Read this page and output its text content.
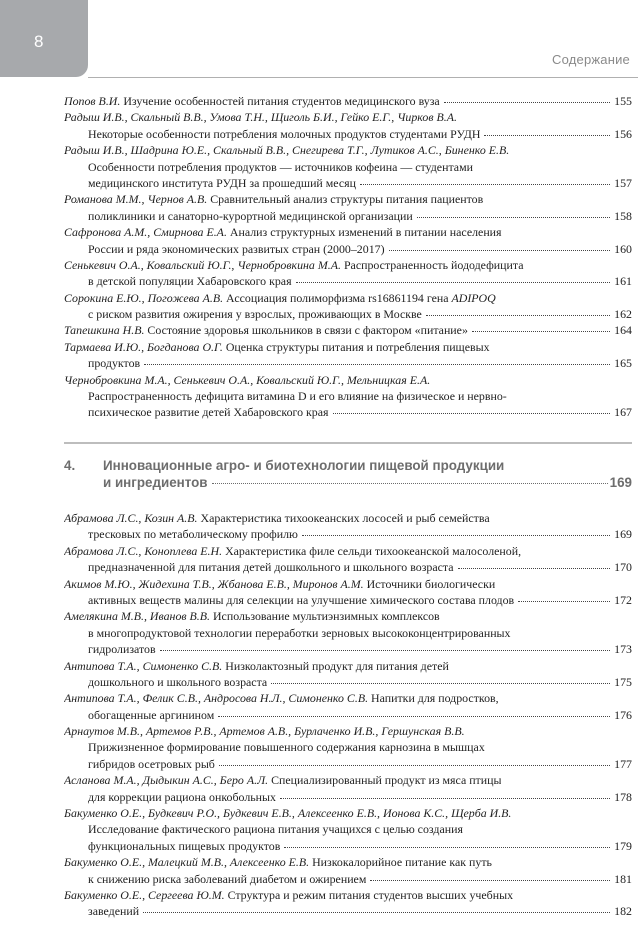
8
Содержание
Попов В.И. Изучение особенностей питания студентов медицинского вуза	155
Радыш И.В., Скальный В.В., Умова Т.Н., Щиголь Б.И., Гейко Е.Г., Чирков В.А.
Некоторые особенности потребления молочных продуктов студентами РУДН	156
Радыш И.В., Шадрина Ю.Е., Скальный В.В., Снегирева Т.Г., Лутиков А.С., Биненко Е.В.
Особенности потребления продуктов — источников кофеина — студентами
медицинского института РУДН за прошедший месяц	157
Романова М.М., Чернов А.В. Сравнительный анализ структуры питания пациентов
поликлиники и санаторно-курортной медицинской организации	158
Сафронова А.М., Смирнова Е.А. Анализ структурных изменений в питании населения
России и ряда экономических развитых стран (2000–2017)	160
Сенькевич О.А., Ковальский Ю.Г., Чернобровкина М.А. Распространенность йододефицита
в детской популяции Хабаровского края	161
Сорокина Е.Ю., Погожева А.В. Ассоциация полиморфизма rs16861194 гена ADIPOQ
с риском развития ожирения у взрослых, проживающих в Москве	162
Тапешкина Н.В. Состояние здоровья школьников в связи с фактором «питание»	164
Тармаева И.Ю., Богданова О.Г. Оценка структуры питания и потребления пищевых
продуктов	165
Чернобровкина М.А., Сенькевич О.А., Ковальский Ю.Г., Мельницкая Е.А.
Распространенность дефицита витамина D и его влияние на физическое и нервно-
психическое развитие детей Хабаровского края	167
4.	Инновационные агро- и биотехнологии пищевой продукции
и ингредиентов	169
Абрамова Л.С., Козин А.В. Характеристика тихоокеанских лососей и рыб семейства
тресковых по метаболическому профилю	169
Абрамова Л.С., Коноплева Е.Н. Характеристика филе сельди тихоокеанской малосоленой,
предназначенной для питания детей дошкольного и школьного возраста	170
Акимов М.Ю., Жидехина Т.В., Жбанова Е.В., Миронов А.М. Источники биологически
активных веществ малины для селекции на улучшение химического состава плодов	172
Амелякина М.В., Иванов В.В. Использование мультиэнзимных комплексов
в многопродуктовой технологии переработки зерновых высококонцентрированных
гидролизатов	173
Антипова Т.А., Симоненко С.В. Низколактозный продукт для питания детей
дошкольного и школьного возраста	175
Антипова Т.А., Фелик С.В., Андросова Н.Л., Симоненко С.В. Напитки для подростков,
обогащенные аргинином	176
Арнаутов М.В., Артемов Р.В., Артемов А.В., Бурлаченко И.В., Гершунская В.В.
Прижизненное формирование повышенного содержания карнозина в мышцах
гибридов осетровых рыб	177
Асланова М.А., Дыдыкин А.С., Беро А.Л. Специализированный продукт из мяса птицы
для коррекции рациона онкобольных	178
Бакуменко О.Е., Будкевич Р.О., Будкевич Е.В., Алексеенко Е.В., Ионова К.С., Щерба И.В.
Исследование фактического рациона питания учащихся с целью создания
функциональных пищевых продуктов	179
Бакуменко О.Е., Малецкий М.В., Алексеенко Е.В. Низкокалорийное питание как путь
к снижению риска заболеваний диабетом и ожирением	181
Бакуменко О.Е., Сергеева Ю.М. Структура и режим питания студентов высших учебных
заведений	182
